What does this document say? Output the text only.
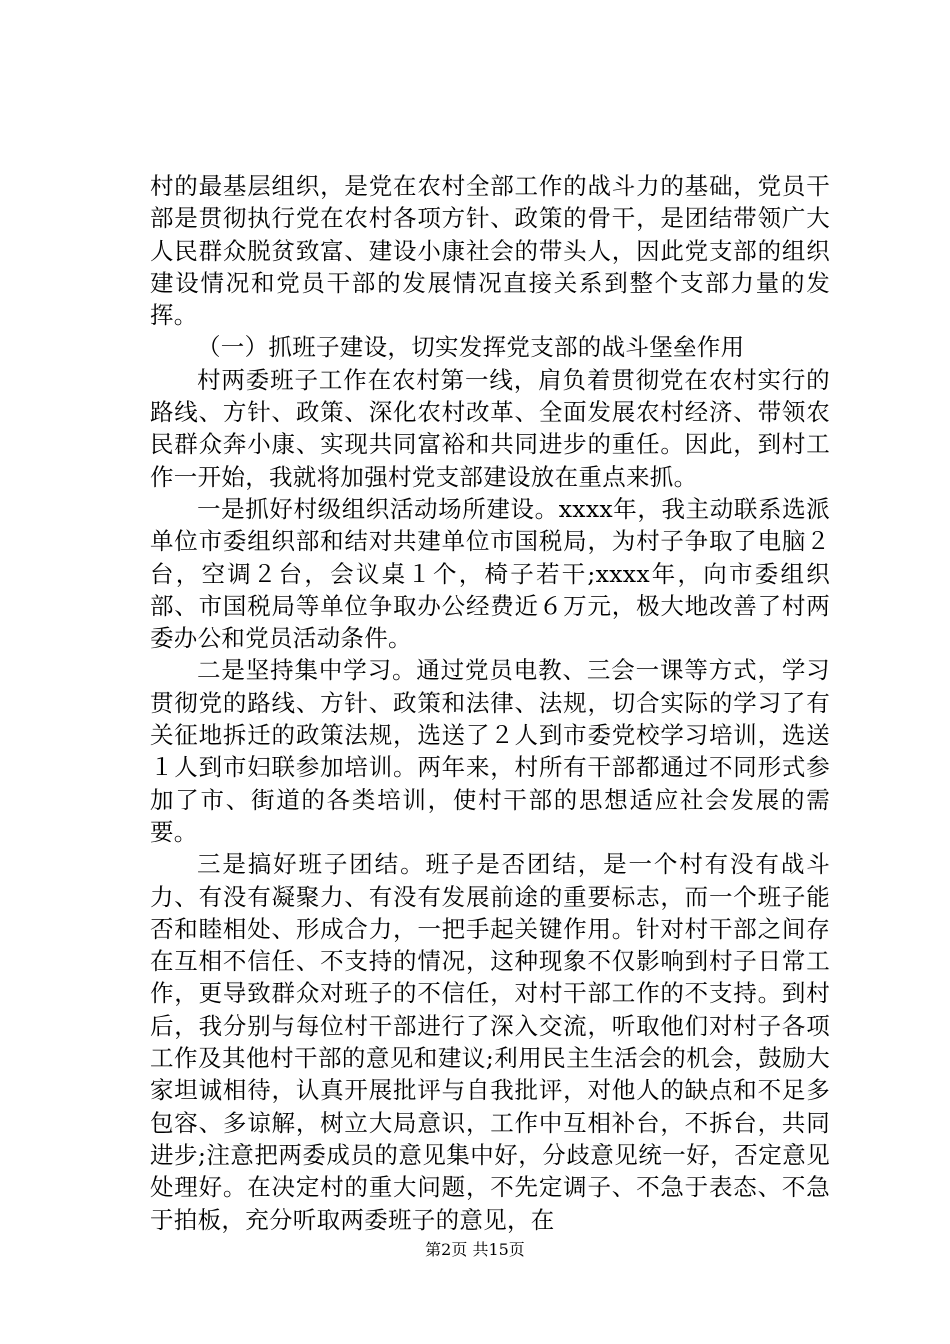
村的最基层组织，是党在农村全部工作的战斗力的基础，党员干部是贯彻执行党在农村各项方针、政策的骨干，是团结带领广大人民群众脱贫致富、建设小康社会的带头人，因此党支部的组织建设情况和党员干部的发展情况直接关系到整个支部力量的发挥。

（一）抓班子建设，切实发挥党支部的战斗堡垒作用

村两委班子工作在农村第一线，肩负着贯彻党在农村实行的路线、方针、政策、深化农村改革、全面发展农村经济、带领农民群众奔小康、实现共同富裕和共同进步的重任。因此，到村工作一开始，我就将加强村党支部建设放在重点来抓。

一是抓好村级组织活动场所建设。xxxx年，我主动联系选派单位市委组织部和结对共建单位市国税局，为村子争取了电脑２台，空调２台，会议桌１个，椅子若干;xxxx年，向市委组织部、市国税局等单位争取办公经费近６万元，极大地改善了村两委办公和党员活动条件。

二是坚持集中学习。通过党员电教、三会一课等方式，学习贯彻党的路线、方针、政策和法律、法规，切合实际的学习了有关征地拆迁的政策法规，选送了２人到市委党校学习培训，选送１人到市妇联参加培训。两年来，村所有干部都通过不同形式参加了市、街道的各类培训，使村干部的思想适应社会发展的需要。

三是搞好班子团结。班子是否团结，是一个村有没有战斗力、有没有凝聚力、有没有发展前途的重要标志，而一个班子能否和睦相处、形成合力，一把手起关键作用。针对村干部之间存在互相不信任、不支持的情况，这种现象不仅影响到村子日常工作，更导致群众对班子的不信任，对村干部工作的不支持。到村后，我分别与每位村干部进行了深入交流，听取他们对村子各项工作及其他村干部的意见和建议;利用民主生活会的机会，鼓励大家坦诚相待，认真开展批评与自我批评，对他人的缺点和不足多包容、多谅解，树立大局意识，工作中互相补台，不拆台，共同进步;注意把两委成员的意见集中好，分歧意见统一好，否定意见处理好。在决定村的重大问题，不先定调子、不急于表态、不急于拍板，充分听取两委班子的意见，在

第2页 共15页
